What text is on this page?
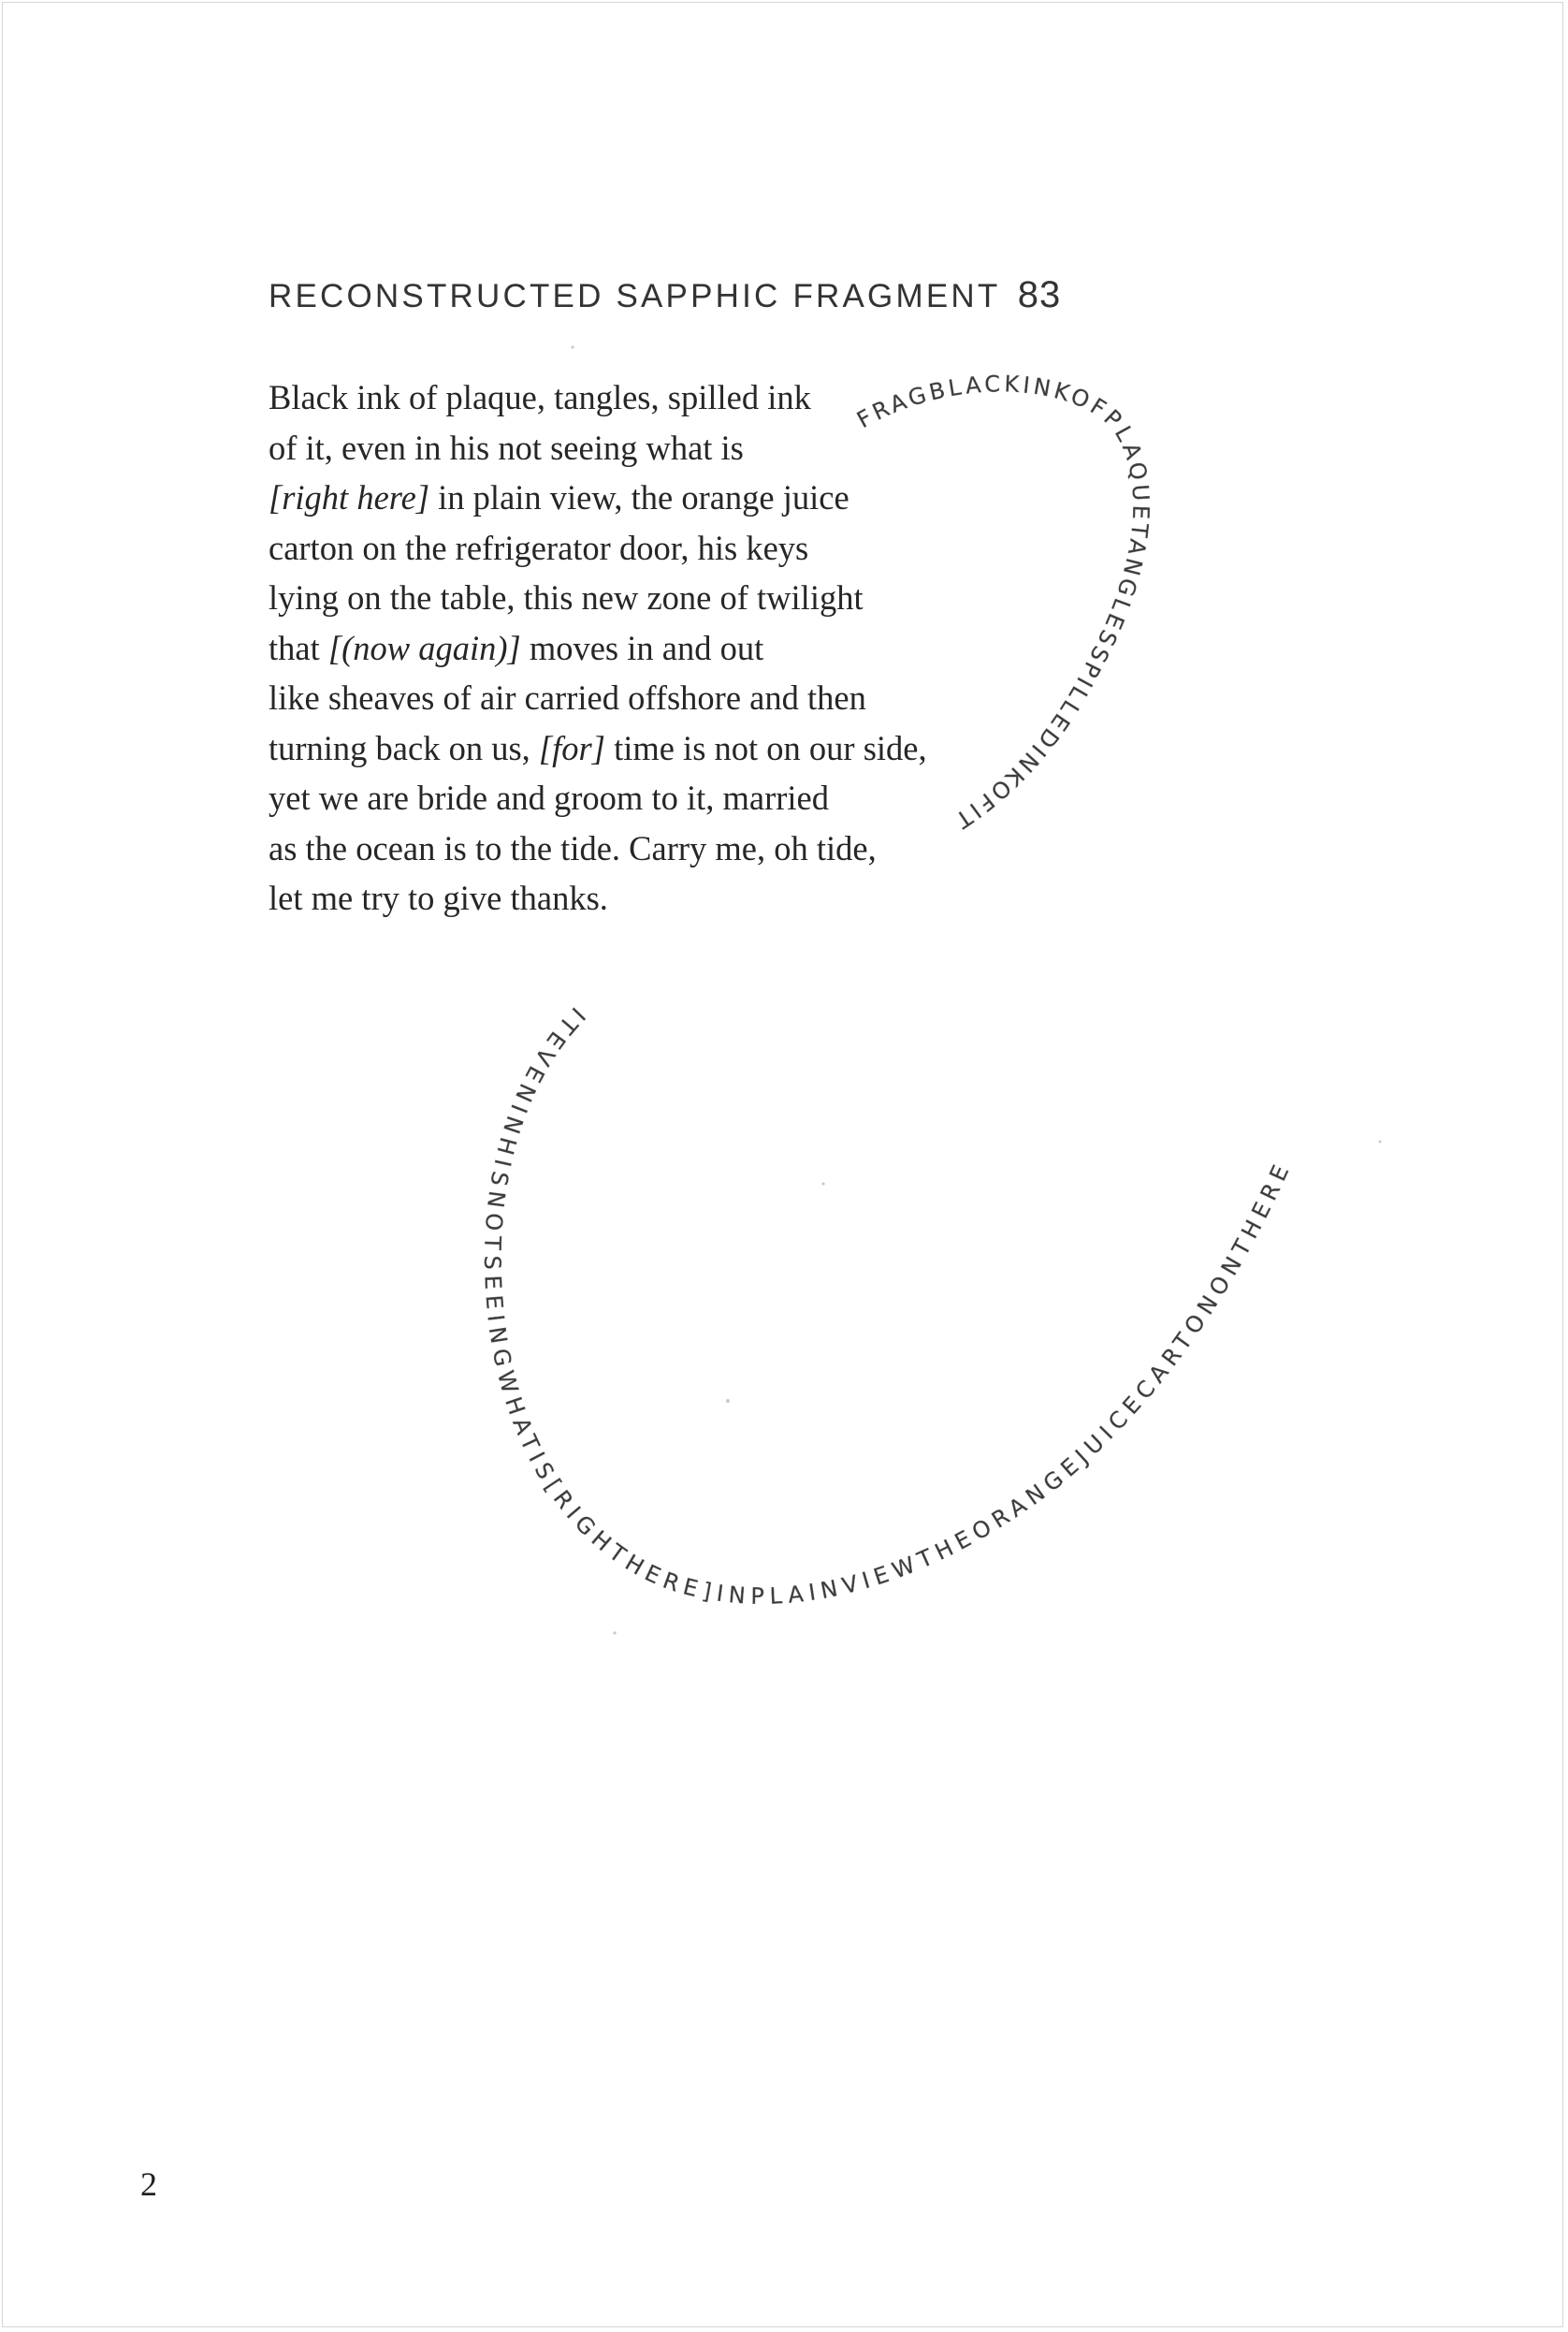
RECONSTRUCTED SAPPHIC FRAGMENT 83
Black ink of plaque, tangles, spilled ink
of it, even in his not seeing what is
[right here] in plain view, the orange juice
carton on the refrigerator door, his keys
lying on the table, this new zone of twilight
that [(now again)] moves in and out
like sheaves of air carried offshore and then
turning back on us, [for] time is not on our side,
yet we are bride and groom to it, married
as the ocean is to the tide. Carry me, oh tide,
let me try to give thanks.
FRAGBLACKINKOFPLAQUETANGLESSPILLEDINKOFIT
ITEVENINHISNOTSEEINGWHATIS[RIGHTHERE]INPLAINVIEWTHEORANGEJUICECARTONONTHERE
2
